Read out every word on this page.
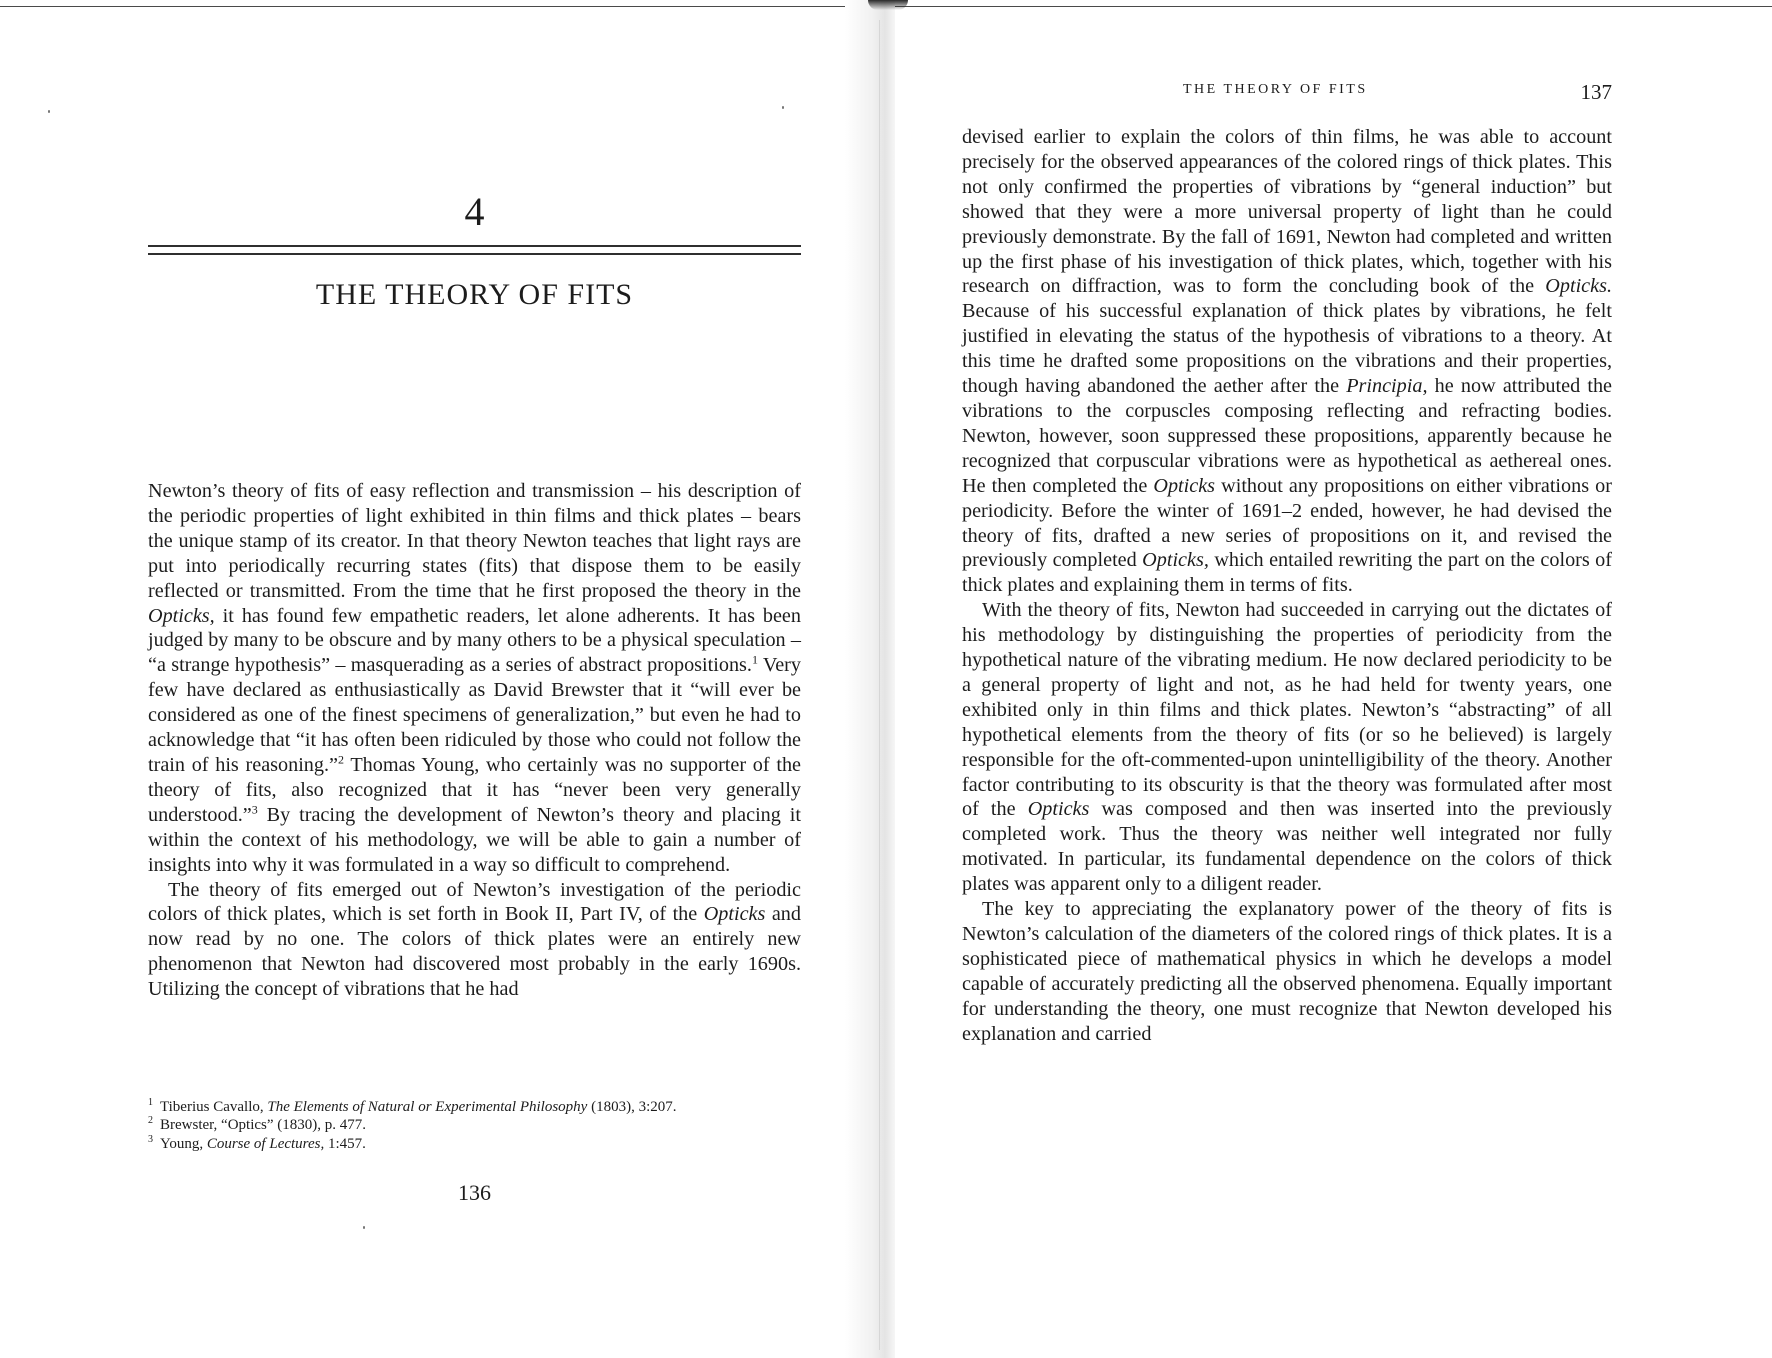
4
THE THEORY OF FITS

Newton’s theory of fits of easy reflection and transmission – his description of the periodic properties of light exhibited in thin films and thick plates – bears the unique stamp of its creator. In that theory Newton teaches that light rays are put into periodically recurring states (fits) that dispose them to be easily reflected or transmitted. From the time that he first proposed the theory in the Opticks, it has found few empathetic readers, let alone adherents. It has been judged by many to be obscure and by many others to be a physical speculation – “a strange hypothesis” – masquerading as a series of abstract propositions.$^1$ Very few have declared as enthusiastically as David Brewster that it “will ever be considered as one of the finest specimens of generalization,” but even he had to acknowledge that “it has often been ridiculed by those who could not follow the train of his reasoning.”$^2$ Thomas Young, who certainly was no supporter of the theory of fits, also recognized that it has “never been very generally understood.”$^3$ By tracing the development of Newton’s theory and placing it within the context of his methodology, we will be able to gain a number of insights into why it was formulated in a way so difficult to comprehend.

The theory of fits emerged out of Newton’s investigation of the periodic colors of thick plates, which is set forth in Book II, Part IV, of the Opticks and now read by no one. The colors of thick plates were an entirely new phenomenon that Newton had discovered most probably in the early 1690s. Utilizing the concept of vibrations that he had

$^1$ Tiberius Cavallo, The Elements of Natural or Experimental Philosophy (1803), 3:207.

$^2$ Brewster, “Optics” (1830), p. 477.

$^3$ Young, Course of Lectures, 1:457.

136
THE THEORY OF FITS	137

devised earlier to explain the colors of thin films, he was able to account precisely for the observed appearances of the colored rings of thick plates. This not only confirmed the properties of vibrations by “general induction” but showed that they were a more universal property of light than he could previously demonstrate. By the fall of 1691, Newton had completed and written up the first phase of his investigation of thick plates, which, together with his research on diffraction, was to form the concluding book of the Opticks. Because of his successful explanation of thick plates by vibrations, he felt justified in elevating the status of the hypothesis of vibrations to a theory. At this time he drafted some propositions on the vibrations and their properties, though having abandoned the aether after the Principia, he now attributed the vibrations to the corpuscles composing reflecting and refracting bodies. Newton, however, soon suppressed these propositions, apparently because he recognized that corpuscular vibrations were as hypothetical as aethereal ones. He then completed the Opticks without any propositions on either vibrations or periodicity. Before the winter of 1691–2 ended, however, he had devised the theory of fits, drafted a new series of propositions on it, and revised the previously completed Opticks, which entailed rewriting the part on the colors of thick plates and explaining them in terms of fits.

With the theory of fits, Newton had succeeded in carrying out the dictates of his methodology by distinguishing the properties of periodicity from the hypothetical nature of the vibrating medium. He now declared periodicity to be a general property of light and not, as he had held for twenty years, one exhibited only in thin films and thick plates. Newton’s “abstracting” of all hypothetical elements from the theory of fits (or so he believed) is largely responsible for the oft-commented-upon unintelligibility of the theory. Another factor contributing to its obscurity is that the theory was formulated after most of the Opticks was composed and then was inserted into the previously completed work. Thus the theory was neither well integrated nor fully motivated. In particular, its fundamental dependence on the colors of thick plates was apparent only to a diligent reader.

The key to appreciating the explanatory power of the theory of fits is Newton’s calculation of the diameters of the colored rings of thick plates. It is a sophisticated piece of mathematical physics in which he develops a model capable of accurately predicting all the observed phenomena. Equally important for understanding the theory, one must recognize that Newton developed his explanation and carried
